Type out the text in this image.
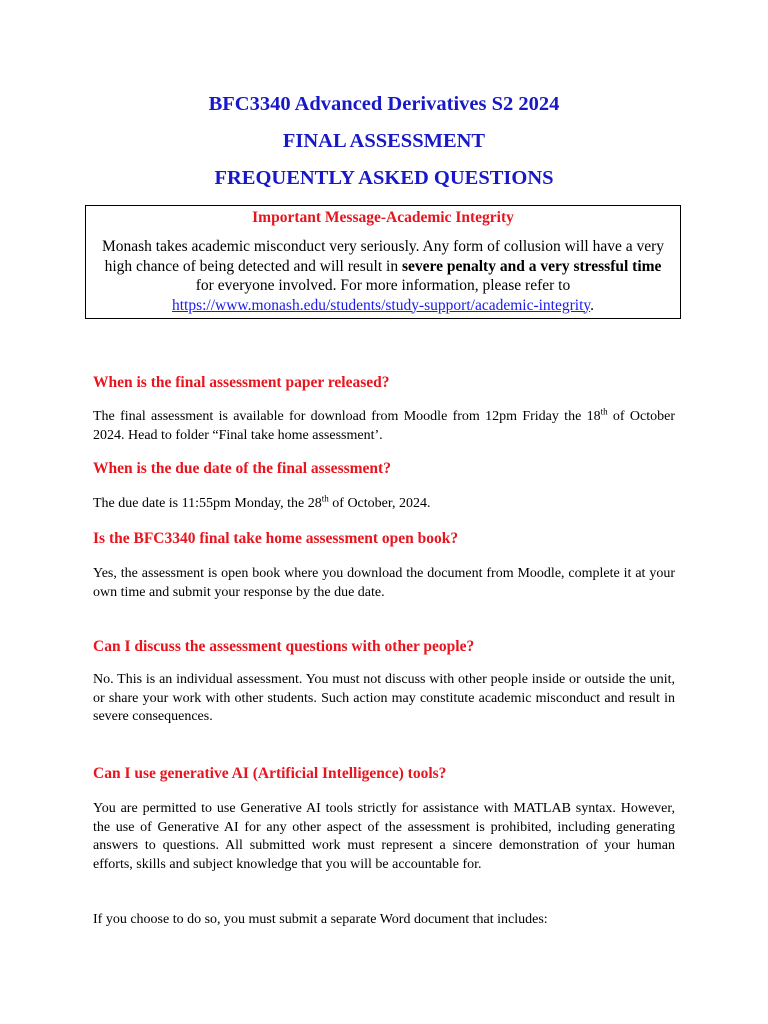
BFC3340 Advanced Derivatives S2 2024

FINAL ASSESSMENT

FREQUENTLY ASKED QUESTIONS

Important Message-Academic Integrity
Monash takes academic misconduct very seriously. Any form of collusion will have a very high chance of being detected and will result in severe penalty and a very stressful time for everyone involved. For more information, please refer to https://www.monash.edu/students/study-support/academic-integrity.

When is the final assessment paper released?

The final assessment is available for download from Moodle from 12pm Friday the 18th of October 2024. Head to folder “Final take home assessment’.

When is the due date of the final assessment?

The due date is 11:55pm Monday, the 28th of October, 2024.

Is the BFC3340 final take home assessment open book?

Yes, the assessment is open book where you download the document from Moodle, complete it at your own time and submit your response by the due date.

Can I discuss the assessment questions with other people?

No. This is an individual assessment. You must not discuss with other people inside or outside the unit, or share your work with other students. Such action may constitute academic misconduct and result in severe consequences.

Can I use generative AI (Artificial Intelligence) tools?

You are permitted to use Generative AI tools strictly for assistance with MATLAB syntax. However, the use of Generative AI for any other aspect of the assessment is prohibited, including generating answers to questions. All submitted work must represent a sincere demonstration of your human efforts, skills and subject knowledge that you will be accountable for.

If you choose to do so, you must submit a separate Word document that includes:
